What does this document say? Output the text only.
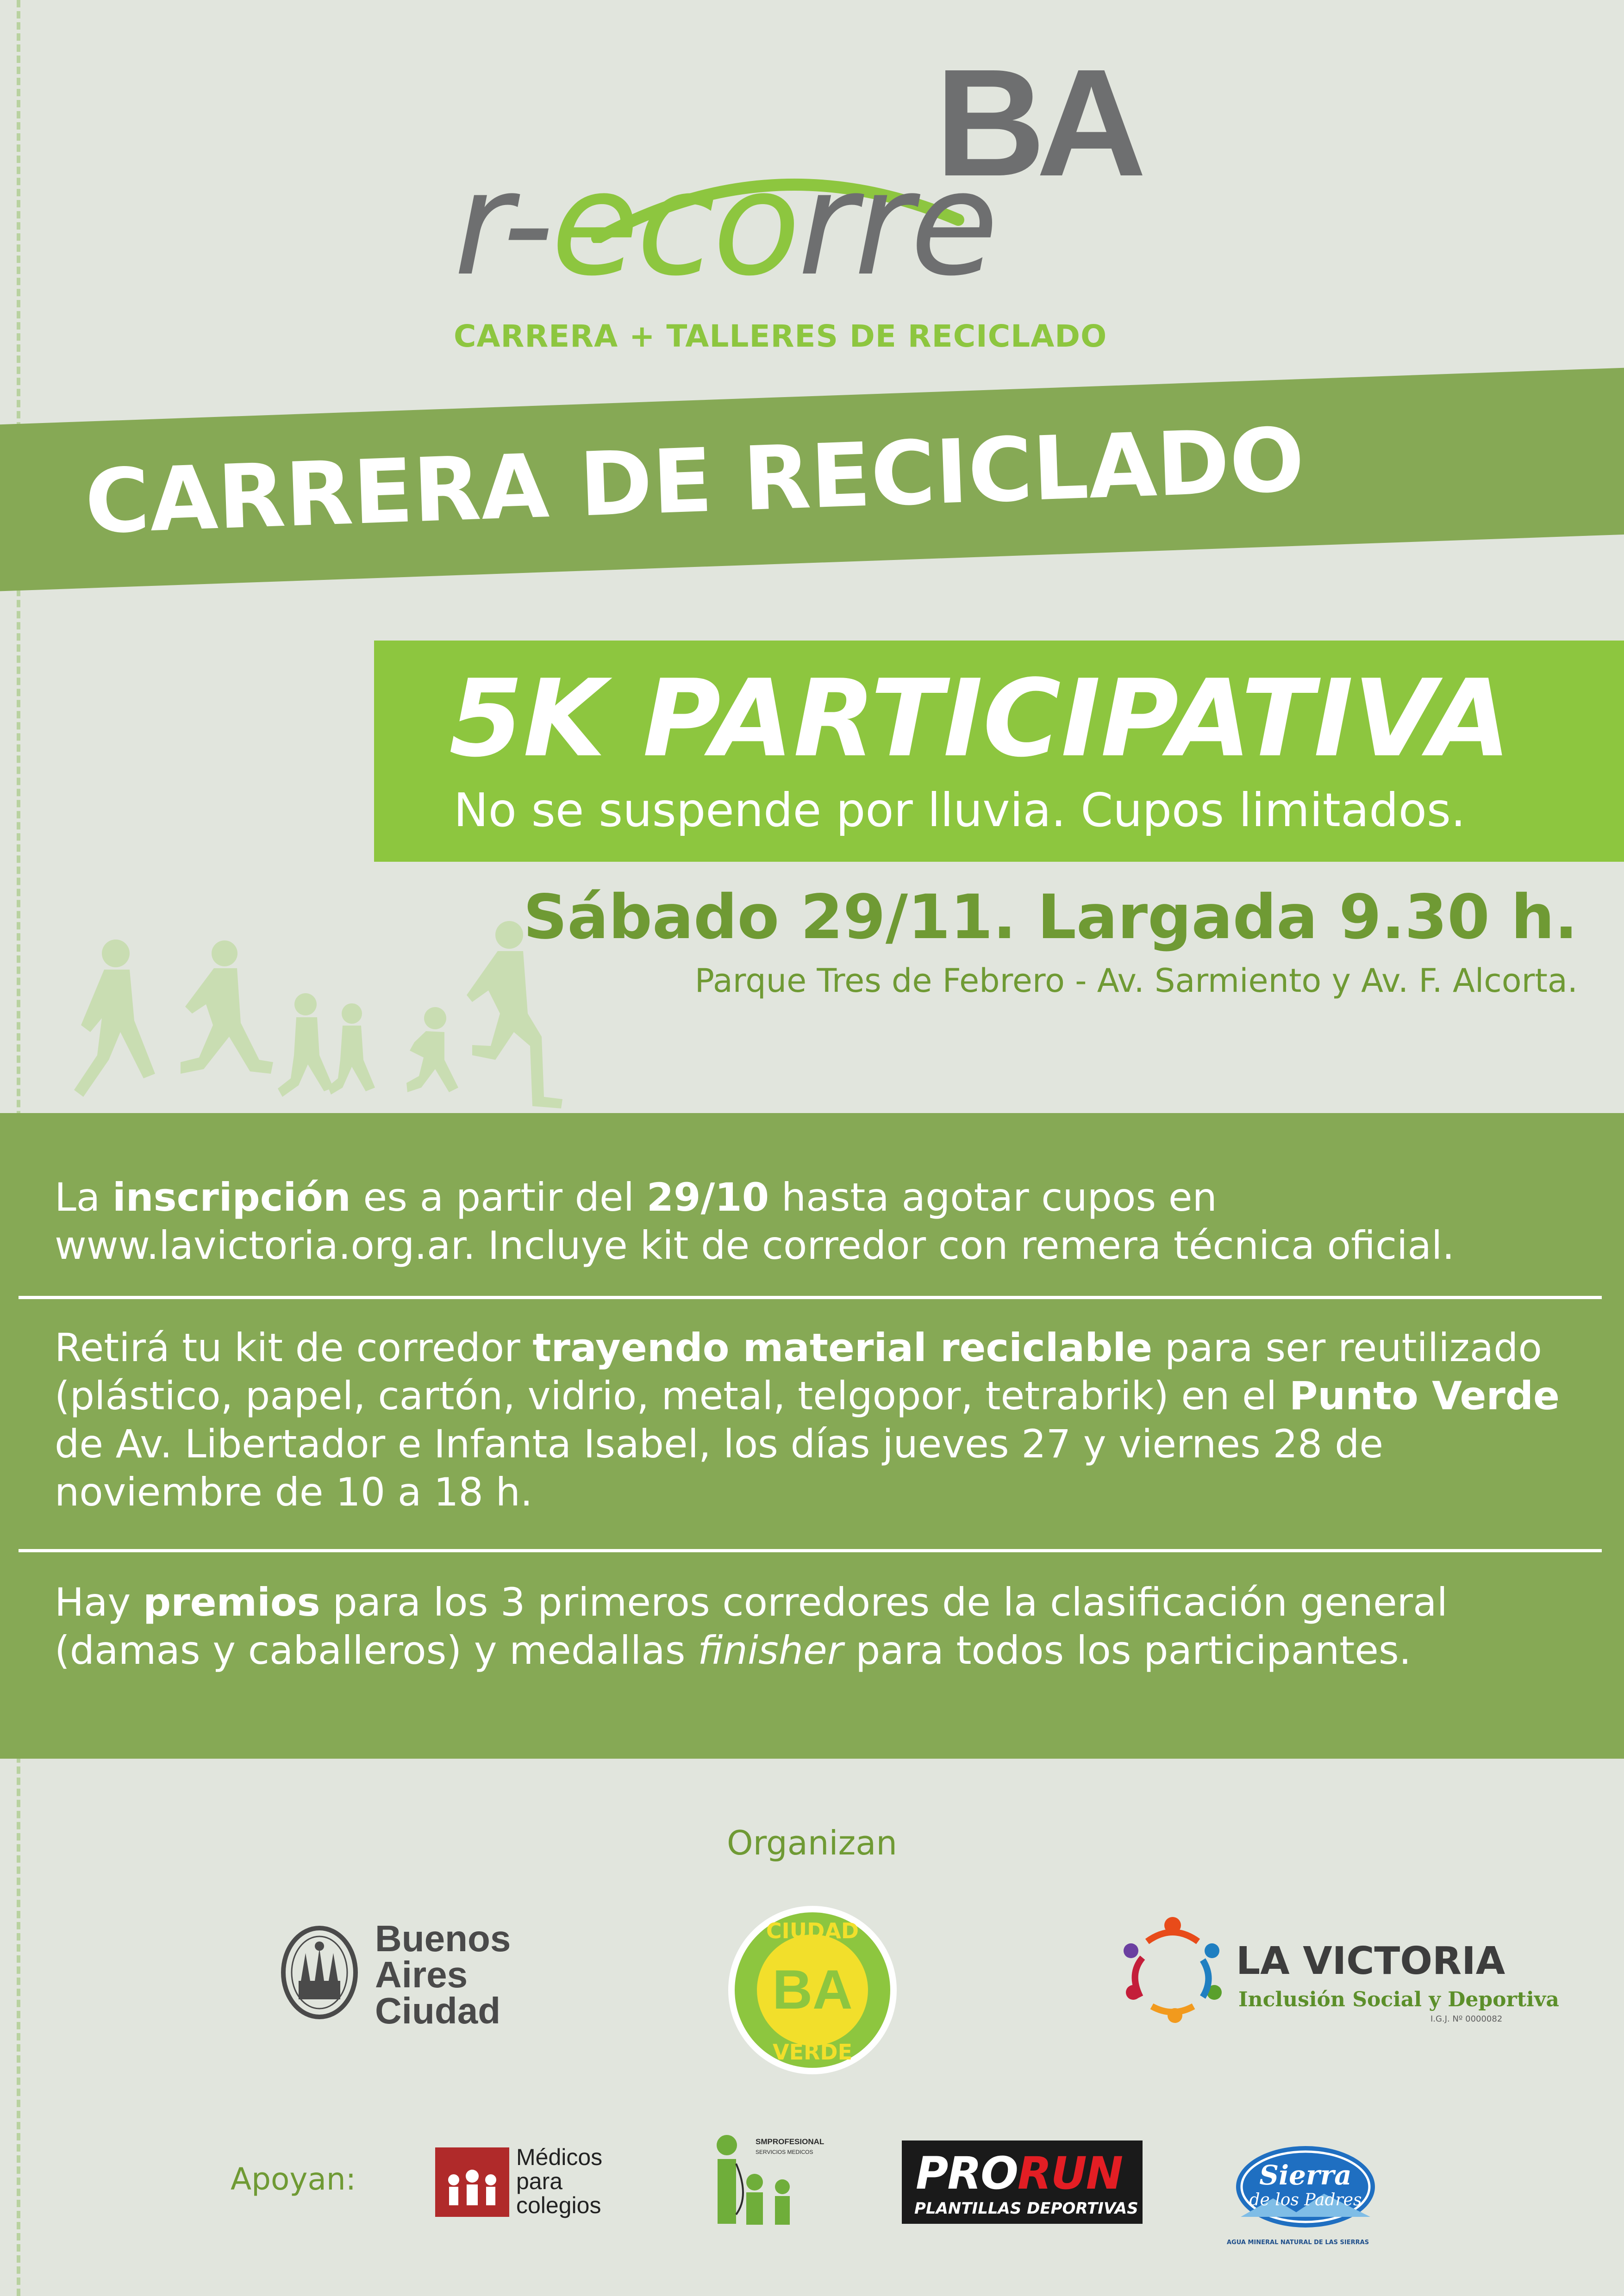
BA
r-ecorre
CARRERA + TALLERES DE RECICLADO
CARRERA DE RECICLADO
5K PARTICIPATIVA
No se suspende por lluvia. Cupos limitados.
Sábado 29/11. Largada 9.30 h.
Parque Tres de Febrero - Av. Sarmiento y Av. F. Alcorta.
La inscripción es a partir del 29/10 hasta agotar cupos en www.lavictoria.org.ar. Incluye kit de corredor con remera técnica oficial.
Retirá tu kit de corredor trayendo material reciclable para ser reutilizado (plástico, papel, cartón, vidrio, metal, telgopor, tetrabrik) en el Punto Verde de Av. Libertador e Infanta Isabel, los días jueves 27 y viernes 28 de noviembre de 10 a 18 h.
Hay premios para los 3 primeros corredores de la clasificación general (damas y caballeros) y medallas finisher para todos los participantes.
Organizan
Buenos
Aires
Ciudad	BA
CIUDAD
VERDE
LA VICTORIA
Inclusión Social y Deportiva
I.G.J. Nº 0000082
Apoyan:
Médicos
para
colegios
SMPROFESIONAL
SERVICIOS MEDICOS PRORUN
PLANTILLAS DEPORTIVAS
Sierra
de los Padres
AGUA MINERAL NATURAL DE LAS SIERRAS
